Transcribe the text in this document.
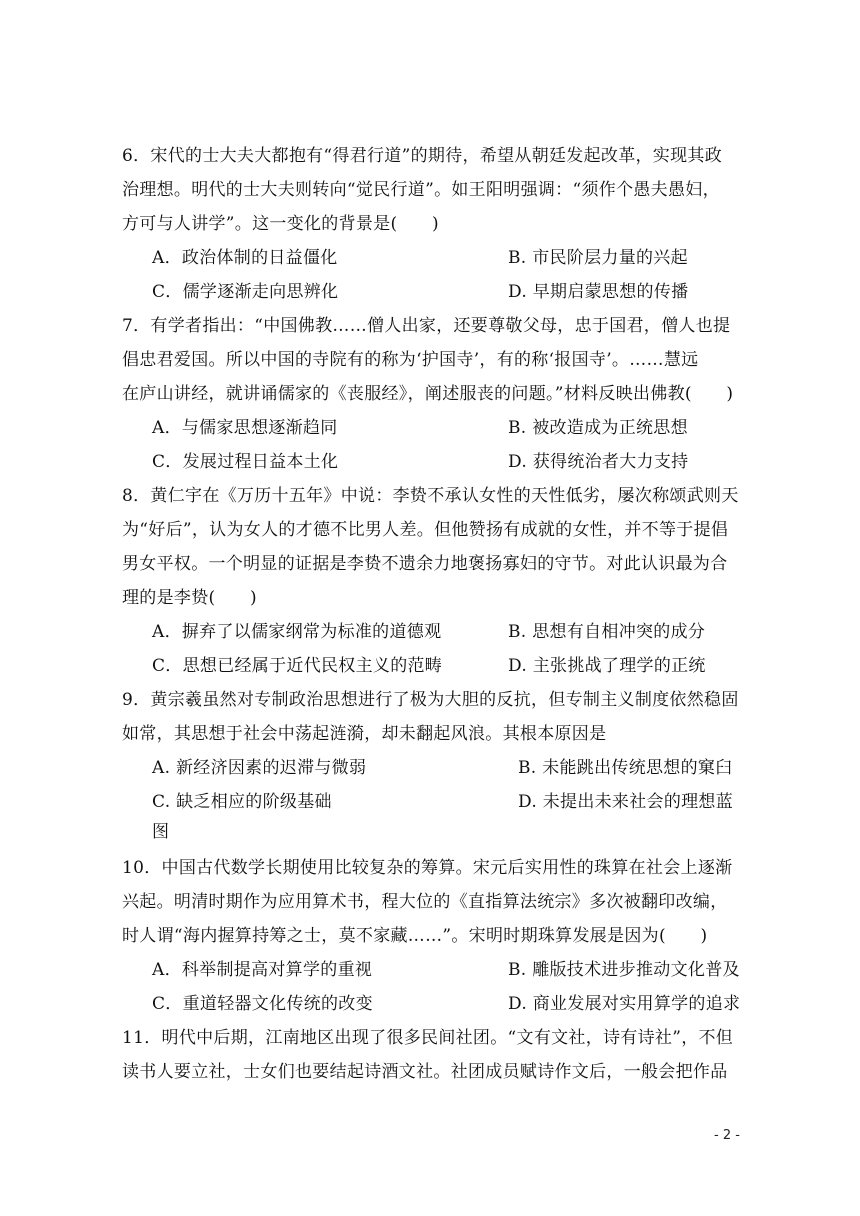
6．宋代的士大夫大都抱有“得君行道”的期待，希望从朝廷发起改革，实现其政
治理想。明代的士大夫则转向“觉民行道”。如王阳明强调：“须作个愚夫愚妇，
方可与人讲学”。这一变化的背景是(　　)
A．政治体制的日益僵化	B. 市民阶层力量的兴起
C．儒学逐渐走向思辨化	D. 早期启蒙思想的传播
7．有学者指出：“中国佛教……僧人出家，还要尊敬父母，忠于国君，僧人也提
倡忠君爱国。所以中国的寺院有的称为‘护国寺’，有的称‘报国寺’。……慧远
在庐山讲经，就讲诵儒家的《丧服经》，阐述服丧的问题。”材料反映出佛教(　　)
A．与儒家思想逐渐趋同	B. 被改造成为正统思想
C．发展过程日益本土化	D. 获得统治者大力支持
8．黄仁宇在《万历十五年》中说：李贽不承认女性的天性低劣，屡次称颂武则天
为“好后”，认为女人的才德不比男人差。但他赞扬有成就的女性，并不等于提倡
男女平权。一个明显的证据是李贽不遗余力地褒扬寡妇的守节。对此认识最为合
理的是李贽(　　)
A．摒弃了以儒家纲常为标准的道德观	B. 思想有自相冲突的成分
C．思想已经属于近代民权主义的范畴	D. 主张挑战了理学的正统
9．黄宗羲虽然对专制政治思想进行了极为大胆的反抗，但专制主义制度依然稳固
如常，其思想于社会中荡起涟漪，却未翻起风浪。其根本原因是
A. 新经济因素的迟滞与微弱	B. 未能跳出传统思想的窠臼
C. 缺乏相应的阶级基础	D. 未提出未来社会的理想蓝
图
10．中国古代数学长期使用比较复杂的筹算。宋元后实用性的珠算在社会上逐渐
兴起。明清时期作为应用算术书，程大位的《直指算法统宗》多次被翻印改编，
时人谓“海内握算持筹之士，莫不家藏……”。宋明时期珠算发展是因为(　　)
A．科举制提高对算学的重视	B. 雕版技术进步推动文化普及
C．重道轻器文化传统的改变	D. 商业发展对实用算学的追求
11．明代中后期，江南地区出现了很多民间社团。“文有文社，诗有诗社”，不但
读书人要立社，士女们也要结起诗酒文社。社团成员赋诗作文后，一般会把作品
- 2 -
